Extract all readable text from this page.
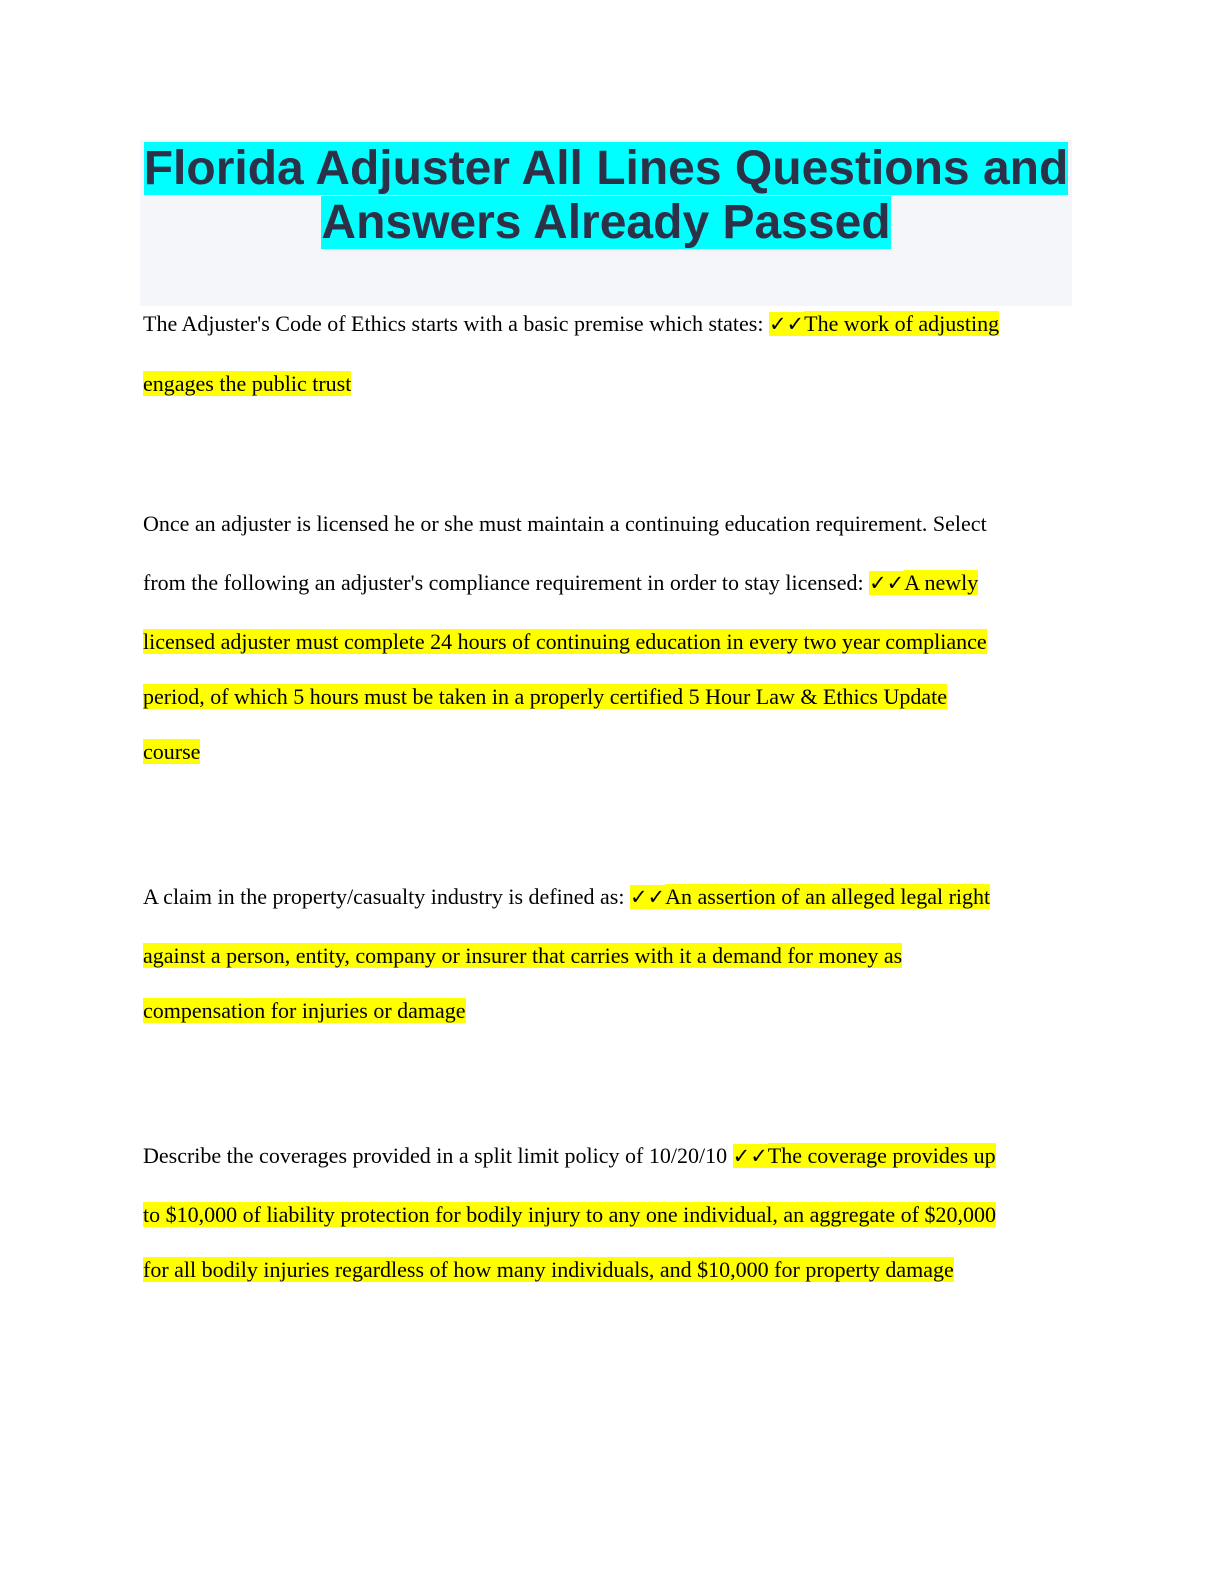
Florida Adjuster All Lines Questions and
Answers Already Passed
The Adjuster's Code of Ethics starts with a basic premise which states: ✓✓The work of adjusting
engages the public trust
Once an adjuster is licensed he or she must maintain a continuing education requirement. Select
from the following an adjuster's compliance requirement in order to stay licensed: ✓✓A newly
licensed adjuster must complete 24 hours of continuing education in every two year compliance
period, of which 5 hours must be taken in a properly certified 5 Hour Law & Ethics Update
course
A claim in the property/casualty industry is defined as: ✓✓An assertion of an alleged legal right
against a person, entity, company or insurer that carries with it a demand for money as
compensation for injuries or damage
Describe the coverages provided in a split limit policy of 10/20/10 ✓✓The coverage provides up
to $10,000 of liability protection for bodily injury to any one individual, an aggregate of $20,000
for all bodily injuries regardless of how many individuals, and $10,000 for property damage
